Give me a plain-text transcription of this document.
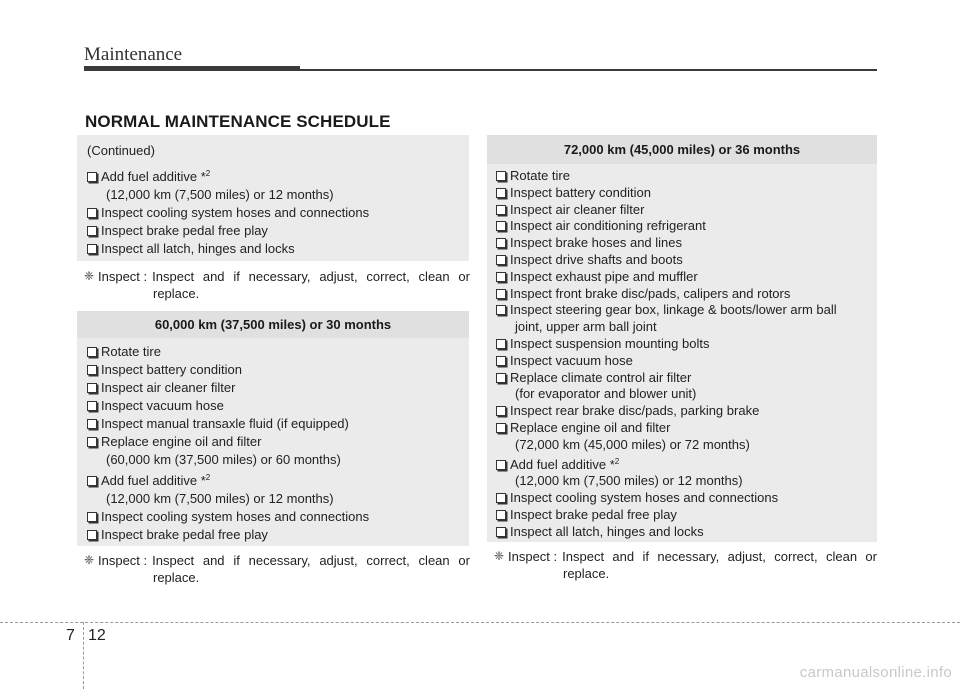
Maintenance
NORMAL MAINTENANCE SCHEDULE
(Continued)
Add fuel additive *$^2$
(12,000 km (7,500 miles) or 12 months)
Inspect cooling system hoses and connections
Inspect brake pedal free play
Inspect all latch, hinges and locks
❈ Inspect : Inspect and if necessary, adjust, correct, clean or
replace.
60,000 km (37,500 miles) or 30 months
Rotate tire
Inspect battery condition
Inspect air cleaner filter
Inspect vacuum hose
Inspect manual transaxle fluid (if equipped)
Replace engine oil and filter
(60,000 km (37,500 miles) or 60 months)
Add fuel additive *$^2$
(12,000 km (7,500 miles) or 12 months)
Inspect cooling system hoses and connections
Inspect brake pedal free play
❈ Inspect : Inspect and if necessary, adjust, correct, clean or
replace.
72,000 km (45,000 miles) or 36 months
Rotate tire
Inspect battery condition
Inspect air cleaner filter
Inspect air conditioning refrigerant
Inspect brake hoses and lines
Inspect drive shafts and boots
Inspect exhaust pipe and muffler
Inspect front brake disc/pads, calipers and rotors
Inspect steering gear box, linkage & boots/lower arm ball
joint, upper arm ball joint
Inspect suspension mounting bolts
Inspect vacuum hose
Replace climate control air filter
(for evaporator and blower unit)
Inspect rear brake disc/pads, parking brake
Replace engine oil and filter
(72,000 km (45,000 miles) or 72 months)
Add fuel additive *$^2$
(12,000 km (7,500 miles) or 12 months)
Inspect cooling system hoses and connections
Inspect brake pedal free play
Inspect all latch, hinges and locks
❈ Inspect : Inspect and if necessary, adjust, correct, clean or
replace.
7 12
carmanualsonline.info
